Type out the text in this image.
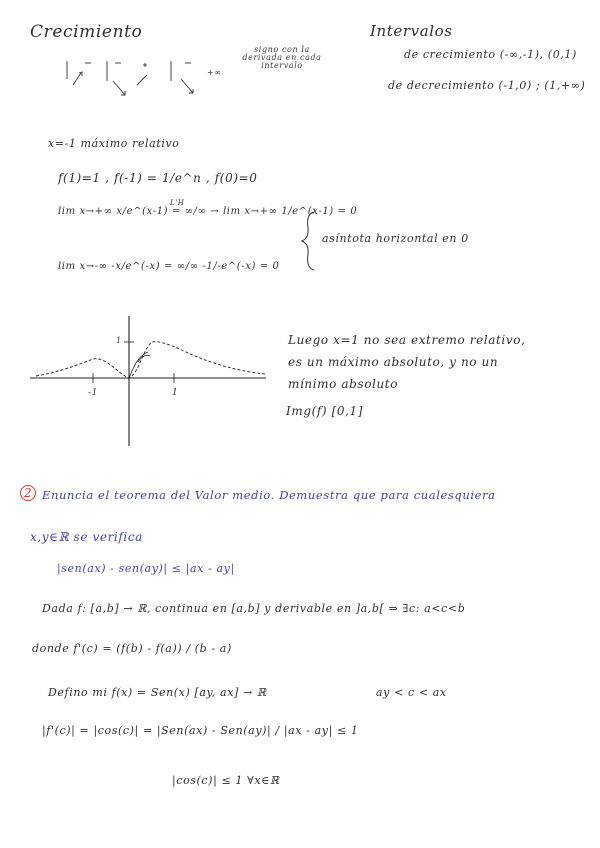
Crecimiento	Intervalos
+∞
signo con la
derivada en cada
intervalo
de crecimiento (-∞,-1), (0,1)
de decrecimiento (-1,0) ; (1,+∞)
x=-1 máximo relativo
f(1)=1 , f(-1) = 1/e^n , f(0)=0
lim x→+∞ x/e^(x-1) = ∞/∞ → lim x→+∞ 1/e^(x-1) = 0
L'H
lim x→-∞ -x/e^(-x) = ∞/∞ -1/-e^(-x) = 0
asíntota horizontal en 0
-1	1
1	Luego x=1 no sea extremo relativo,
es un máximo absoluto, y no un
mínimo absoluto
Img(f) [0,1]
2 Enuncia el teorema del Valor medio. Demuestra que para cualesquiera
x,y∈ℝ se verifica
|sen(ax) - sen(ay)| ≤ |ax - ay|
Dada f: [a,b] → ℝ, continua en [a,b] y derivable en ]a,b[ ⇒ ∃c: a<c<b
donde f'(c) = (f(b) - f(a)) / (b - a)
Defino mi f(x) = Sen(x) [ay, ax] → ℝ	ay < c < ax
|f'(c)| = |cos(c)| = |Sen(ax) - Sen(ay)| / |ax - ay| ≤ 1
|cos(c)| ≤ 1 ∀x∈ℝ
